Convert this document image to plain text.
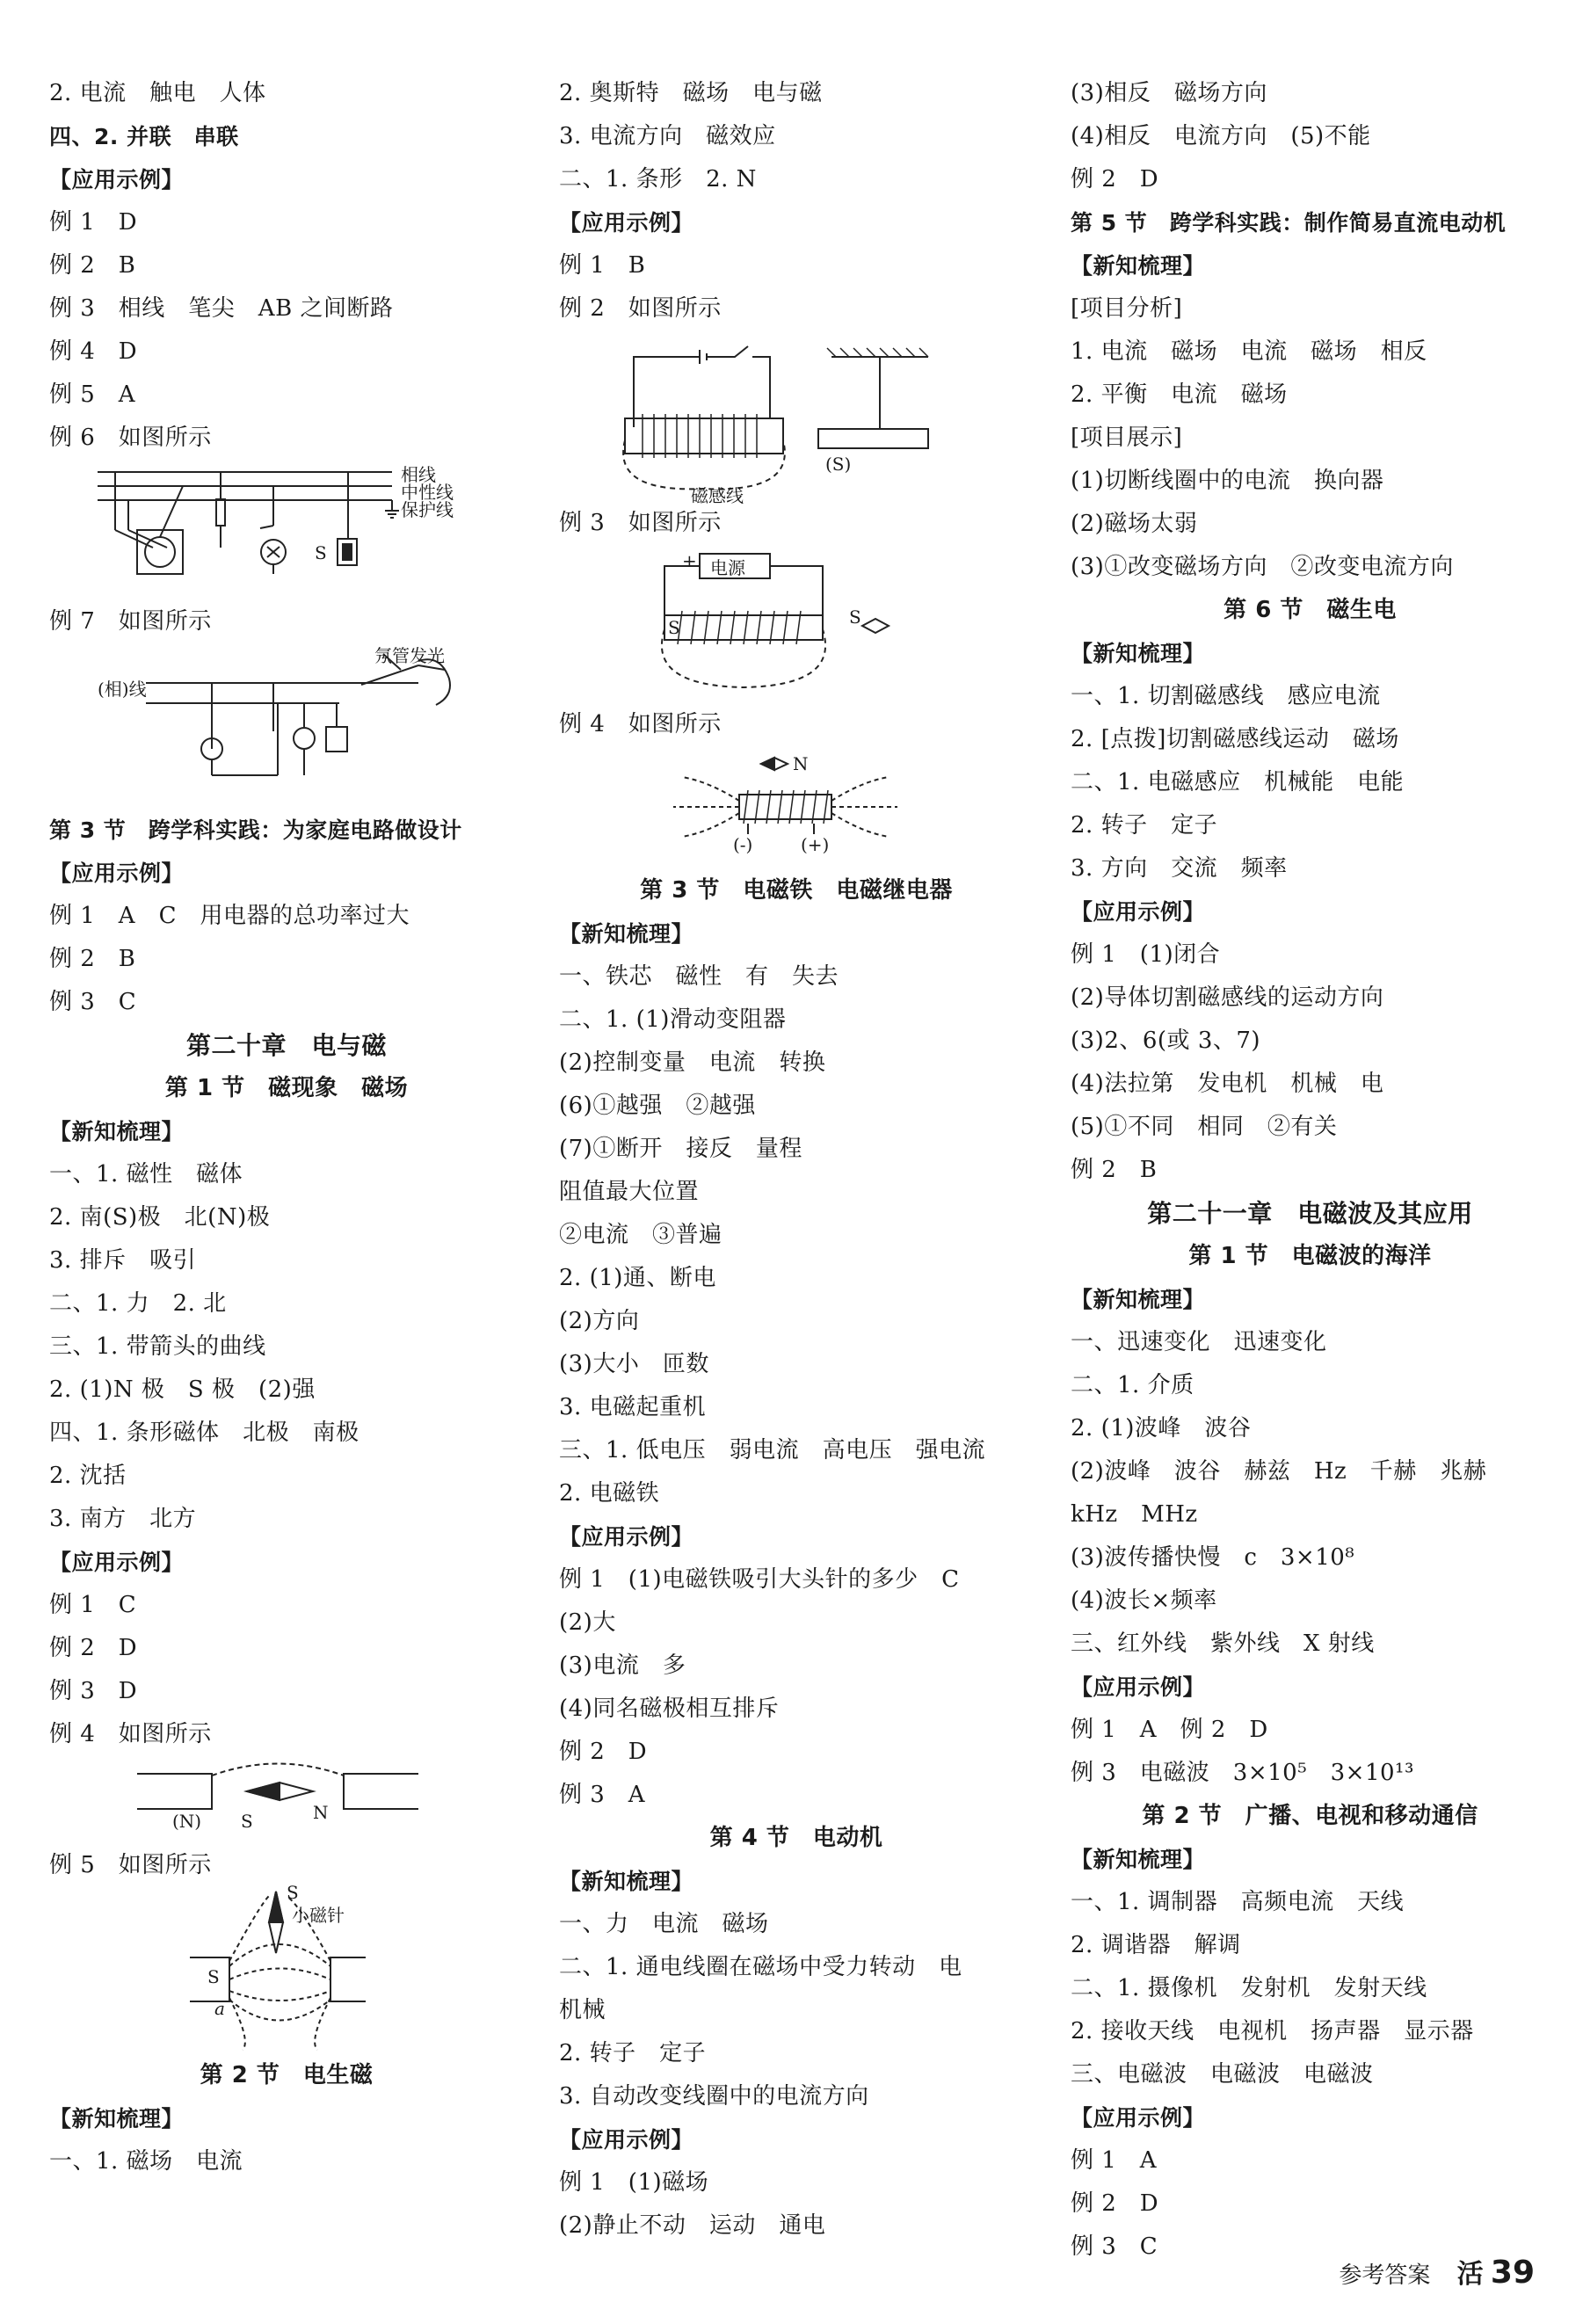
2. 电流　触电　人体
四、2. 并联　串联
【应用示例】
例 1　D
例 2　B
例 3　相线　笔尖　AB 之间断路
例 4　D
例 5　A
例 6　如图所示
相线
中性线
保护线
S
例 7　如图所示
氖管发光
(相)线
第 3 节　跨学科实践：为家庭电路做设计
【应用示例】
例 1　A　C　用电器的总功率过大
例 2　B
例 3　C
第二十章　电与磁
第 1 节　磁现象　磁场
【新知梳理】
一、1. 磁性　磁体
2. 南(S)极　北(N)极
3. 排斥　吸引
二、1. 力　2. 北
三、1. 带箭头的曲线
2. (1)N 极　S 极　(2)强
四、1. 条形磁体　北极　南极
2. 沈括
3. 南方　北方
【应用示例】
例 1　C
例 2　D
例 3　D
例 4　如图所示
(N) S	N
例 5　如图所示
S
小磁针
S
a
第 2 节　电生磁
【新知梳理】
一、1. 磁场　电流
2. 奥斯特　磁场　电与磁
3. 电流方向　磁效应
二、1. 条形　2. N
【应用示例】
例 1　B
例 2　如图所示
(S)
磁感线
例 3　如图所示
电源
+
S	S
例 4　如图所示
N
(-)	(+)
第 3 节　电磁铁　电磁继电器
【新知梳理】
一、铁芯　磁性　有　失去
二、1. (1)滑动变阻器
(2)控制变量　电流　转换
(6)①越强　②越强
(7)①断开　接反　量程
阻值最大位置
②电流　③普遍
2. (1)通、断电
(2)方向
(3)大小　匝数
3. 电磁起重机
三、1. 低电压　弱电流　高电压　强电流
2. 电磁铁
【应用示例】
例 1　(1)电磁铁吸引大头针的多少　C
(2)大
(3)电流　多
(4)同名磁极相互排斥
例 2　D
例 3　A
第 4 节　电动机
【新知梳理】
一、力　电流　磁场
二、1. 通电线圈在磁场中受力转动　电
机械
2. 转子　定子
3. 自动改变线圈中的电流方向
【应用示例】
例 1　(1)磁场
(2)静止不动　运动　通电
(3)相反　磁场方向
(4)相反　电流方向　(5)不能
例 2　D
第 5 节　跨学科实践：制作简易直流电动机
【新知梳理】
[项目分析]
1. 电流　磁场　电流　磁场　相反
2. 平衡　电流　磁场
[项目展示]
(1)切断线圈中的电流　换向器
(2)磁场太弱
(3)①改变磁场方向　②改变电流方向
第 6 节　磁生电
【新知梳理】
一、1. 切割磁感线　感应电流
2. [点拨]切割磁感线运动　磁场
二、1. 电磁感应　机械能　电能
2. 转子　定子
3. 方向　交流　频率
【应用示例】
例 1　(1)闭合
(2)导体切割磁感线的运动方向
(3)2、6(或 3、7)
(4)法拉第　发电机　机械　电
(5)①不同　相同　②有关
例 2　B
第二十一章　电磁波及其应用
第 1 节　电磁波的海洋
【新知梳理】
一、迅速变化　迅速变化
二、1. 介质
2. (1)波峰　波谷
(2)波峰　波谷　赫兹　Hz　千赫　兆赫
kHz　MHz
(3)波传播快慢　c　3×10⁸
(4)波长×频率
三、红外线　紫外线　X 射线
【应用示例】
例 1　A　例 2　D
例 3　电磁波　3×10⁵　3×10¹³
第 2 节　广播、电视和移动通信
【新知梳理】
一、1. 调制器　高频电流　天线
2. 调谐器　解调
二、1. 摄像机　发射机　发射天线
2. 接收天线　电视机　扬声器　显示器
三、电磁波　电磁波　电磁波
【应用示例】
例 1　A
例 2　D
例 3　C
参考答案 活 39
